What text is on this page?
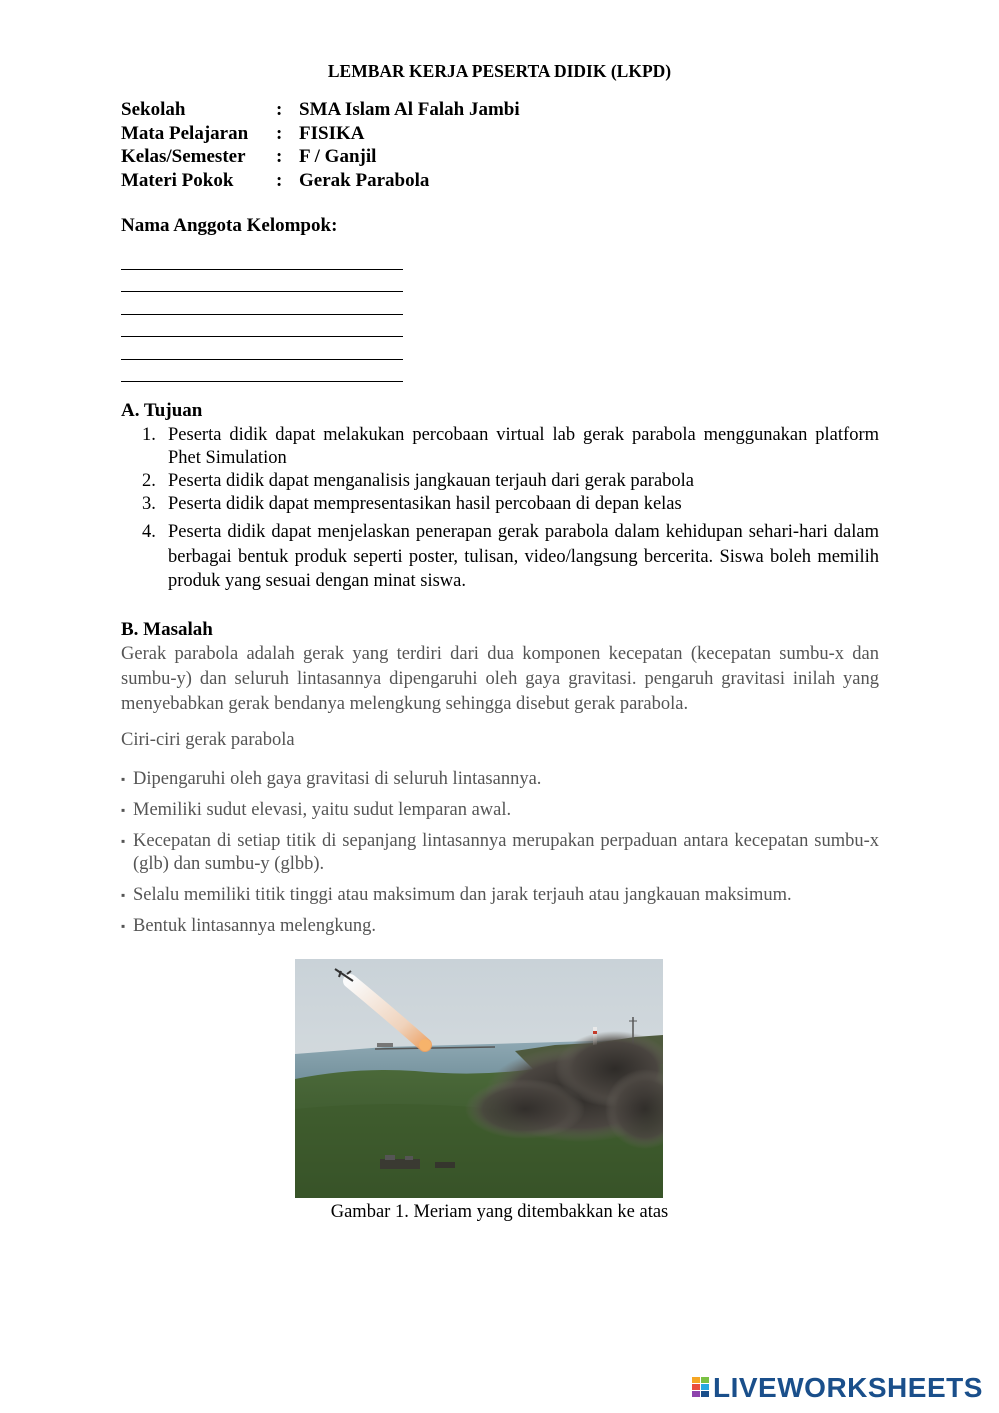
LEMBAR KERJA PESERTA DIDIK (LKPD)
Sekolah	: SMA Islam Al Falah Jambi
Mata Pelajaran	: FISIKA
Kelas/Semester	: F / Ganjil
Materi Pokok	: Gerak Parabola
Nama Anggota Kelompok:
A. Tujuan
1. Peserta didik dapat melakukan percobaan virtual lab gerak parabola menggunakan platform Phet Simulation
2. Peserta didik dapat menganalisis jangkauan terjauh dari gerak parabola
3. Peserta didik dapat mempresentasikan hasil percobaan di depan kelas
4. Peserta didik dapat menjelaskan penerapan gerak parabola dalam kehidupan sehari-hari dalam berbagai bentuk produk seperti poster, tulisan, video/langsung bercerita. Siswa boleh memilih produk yang sesuai dengan minat siswa.
B. Masalah
Gerak parabola adalah gerak yang terdiri dari dua komponen kecepatan (kecepatan sumbu-x dan sumbu-y) dan seluruh lintasannya dipengaruhi oleh gaya gravitasi. pengaruh gravitasi inilah yang menyebabkan gerak bendanya melengkung sehingga disebut gerak parabola.
Ciri-ciri gerak parabola
▪ Dipengaruhi oleh gaya gravitasi di seluruh lintasannya.
▪ Memiliki sudut elevasi, yaitu sudut lemparan awal.
▪ Kecepatan di setiap titik di sepanjang lintasannya merupakan perpaduan antara kecepatan sumbu-x (glb) dan sumbu-y (glbb).
▪ Selalu memiliki titik tinggi atau maksimum dan jarak terjauh atau jangkauan maksimum.
▪ Bentuk lintasannya melengkung.
Gambar 1. Meriam yang ditembakkan ke atas
LIVEWORKSHEETS
